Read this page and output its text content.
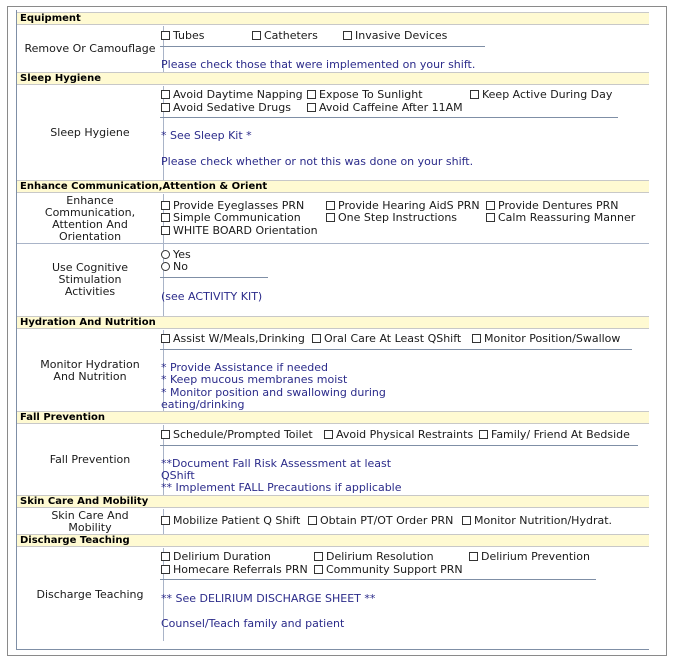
Equipment
Remove Or Camouflage
Tubes	Catheters	Invasive Devices
Please check those that were implemented on your shift.
Sleep Hygiene
Sleep Hygiene
Avoid Daytime Napping	Expose To Sunlight	Keep Active During Day
Avoid Sedative Drugs	Avoid Caffeine After 11AM
* See Sleep Kit *
Please check whether or not this was done on your shift.
Enhance Communication,Attention & Orient
Enhance Communication, Attention And Orientation
Provide Eyeglasses PRN	Provide Hearing AidS PRN	Provide Dentures PRN
Simple Communication	One Step Instructions	Calm Reassuring Manner
WHITE BOARD Orientation
Use Cognitive Stimulation Activities
Yes
No
(see ACTIVITY KIT)
Hydration And Nutrition
Monitor Hydration And Nutrition
Assist W/Meals,Drinking	Oral Care At Least QShift	Monitor Position/Swallow
* Provide Assistance if needed
* Keep mucous membranes moist
* Monitor position and swallowing during
eating/drinking
Fall Prevention
Fall Prevention
Schedule/Prompted Toilet	Avoid Physical Restraints	Family/ Friend At Bedside
**Document Fall Risk Assessment at least
QShift
** Implement FALL Precautions if applicable
Skin Care And Mobility
Skin Care And Mobility	Mobilize Patient Q Shift	Obtain PT/OT Order PRN	Monitor Nutrition/Hydrat.
Discharge Teaching
Discharge Teaching
Delirium Duration	Delirium Resolution	Delirium Prevention
Homecare Referrals PRN	Community Support PRN
** See DELIRIUM DISCHARGE SHEET **
Counsel/Teach family and patient
